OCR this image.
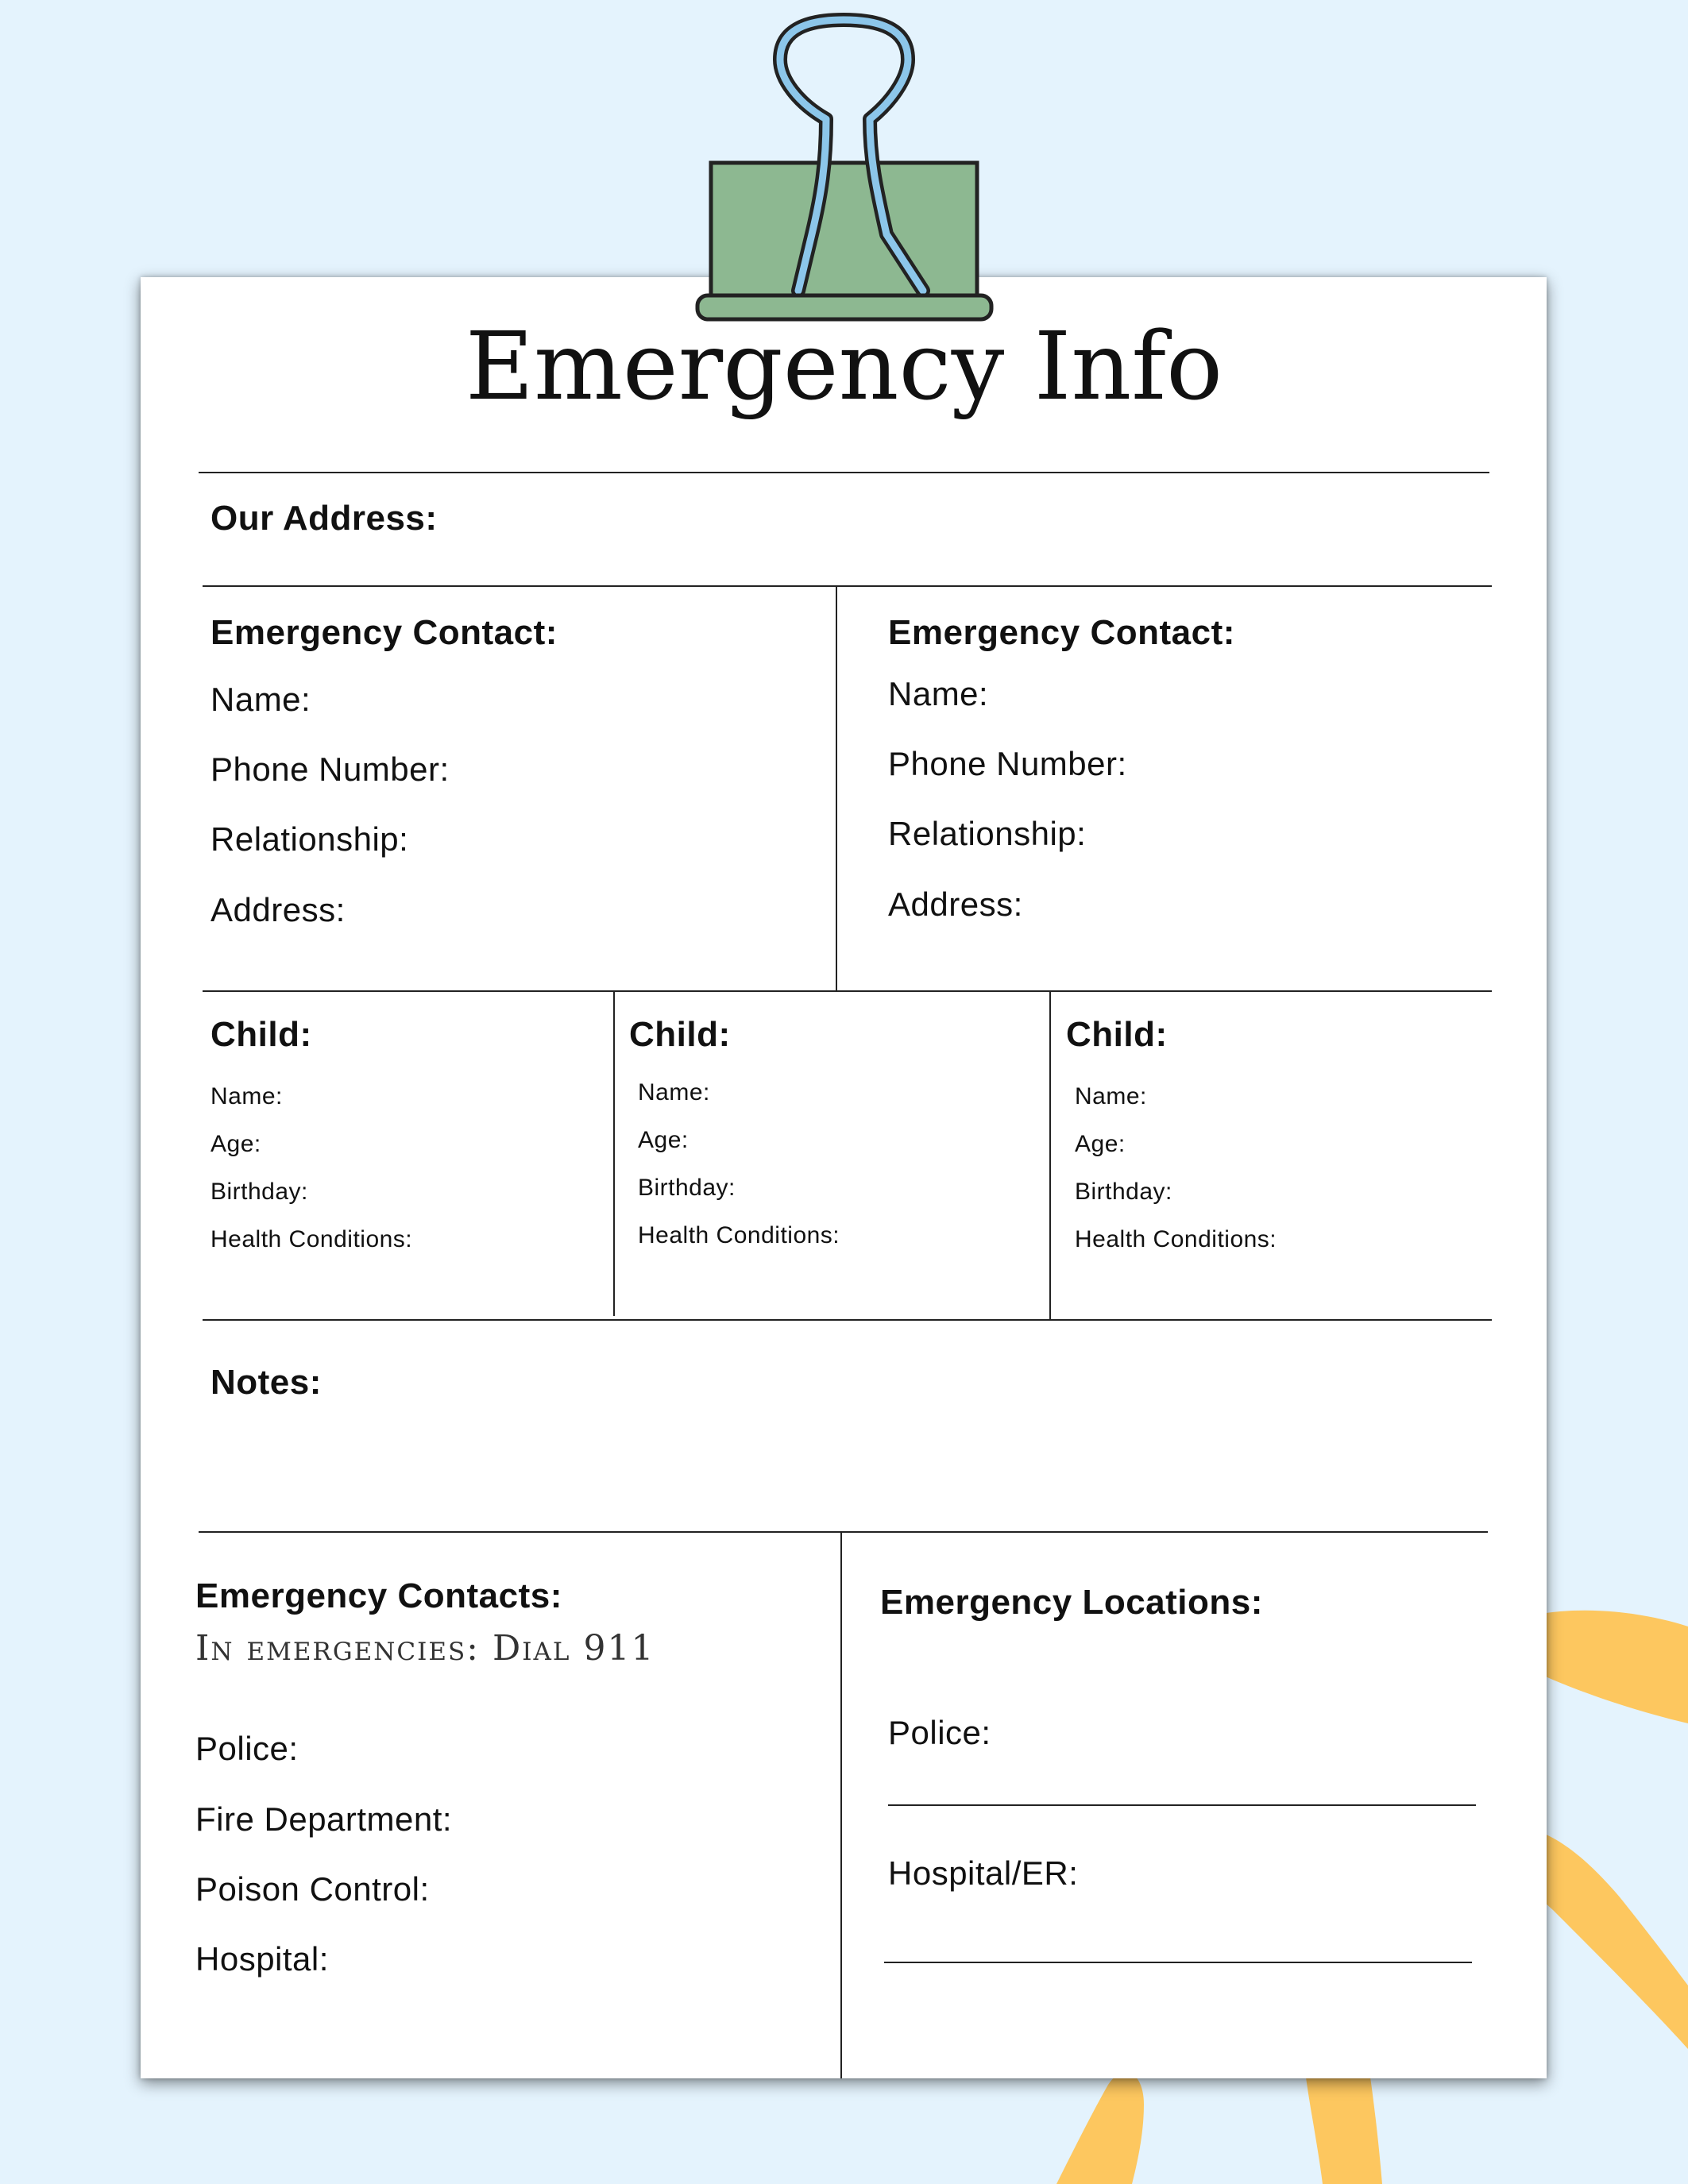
Emergency Info
Our Address:
Emergency Contact:
Name:
Phone Number:
Relationship:
Address:
Emergency Contact:
Name:
Phone Number:
Relationship:
Address:
Child:
Name:
Age:
Birthday:
Health Conditions:
Child:
Name:
Age:
Birthday:
Health Conditions:
Child:
Name:
Age:
Birthday:
Health Conditions:
Notes:
Emergency Contacts:
In emergencies: Dial 911
Police:
Fire Department:
Poison Control:
Hospital:
Emergency Locations:
Police:
Hospital/ER:
